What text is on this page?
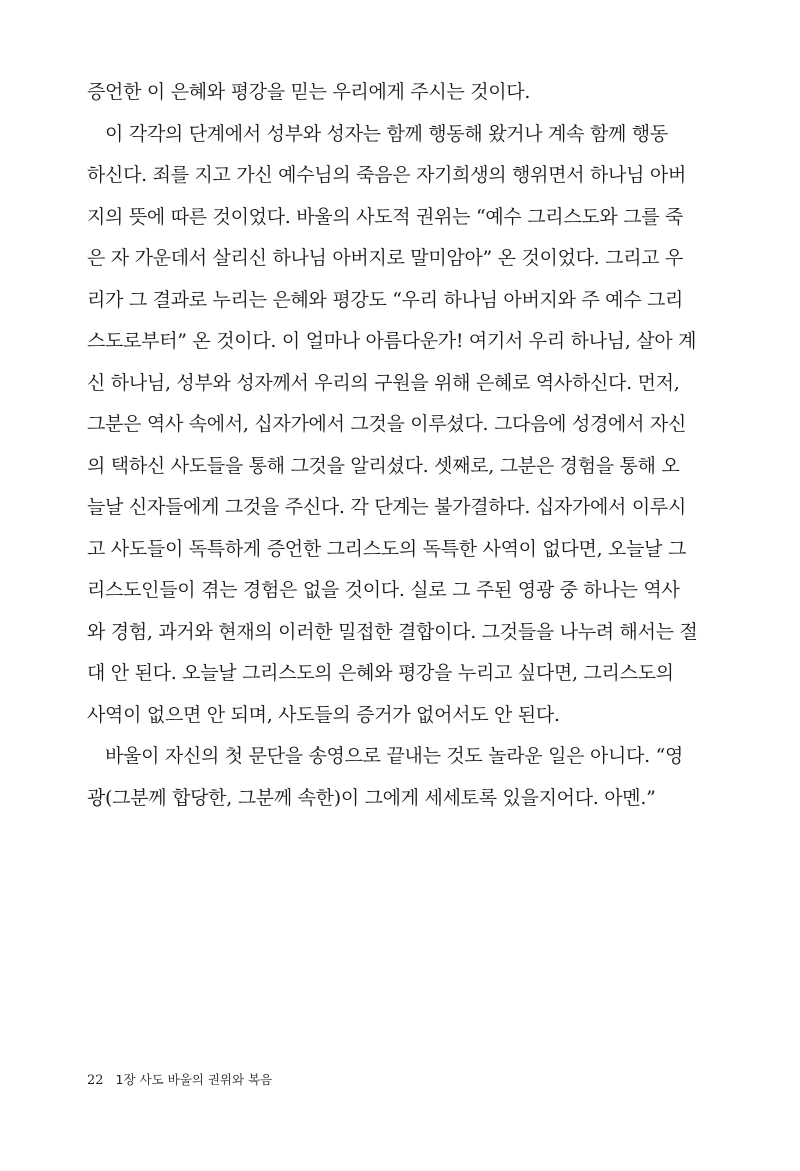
증언한 이 은혜와 평강을 믿는 우리에게 주시는 것이다.
이 각각의 단계에서 성부와 성자는 함께 행동해 왔거나 계속 함께 행동
하신다. 죄를 지고 가신 예수님의 죽음은 자기희생의 행위면서 하나님 아버
지의 뜻에 따른 것이었다. 바울의 사도적 권위는 “예수 그리스도와 그를 죽
은 자 가운데서 살리신 하나님 아버지로 말미암아” 온 것이었다. 그리고 우
리가 그 결과로 누리는 은혜와 평강도 “우리 하나님 아버지와 주 예수 그리
스도로부터” 온 것이다. 이 얼마나 아름다운가! 여기서 우리 하나님, 살아 계
신 하나님, 성부와 성자께서 우리의 구원을 위해 은혜로 역사하신다. 먼저,
그분은 역사 속에서, 십자가에서 그것을 이루셨다. 그다음에 성경에서 자신
의 택하신 사도들을 통해 그것을 알리셨다. 셋째로, 그분은 경험을 통해 오
늘날 신자들에게 그것을 주신다. 각 단계는 불가결하다. 십자가에서 이루시
고 사도들이 독특하게 증언한 그리스도의 독특한 사역이 없다면, 오늘날 그
리스도인들이 겪는 경험은 없을 것이다. 실로 그 주된 영광 중 하나는 역사
와 경험, 과거와 현재의 이러한 밀접한 결합이다. 그것들을 나누려 해서는 절
대 안 된다. 오늘날 그리스도의 은혜와 평강을 누리고 싶다면, 그리스도의
사역이 없으면 안 되며, 사도들의 증거가 없어서도 안 된다.
바울이 자신의 첫 문단을 송영으로 끝내는 것도 놀라운 일은 아니다. “영
광(그분께 합당한, 그분께 속한)이 그에게 세세토록 있을지어다. 아멘.”
22 1장 사도 바울의 권위와 복음
